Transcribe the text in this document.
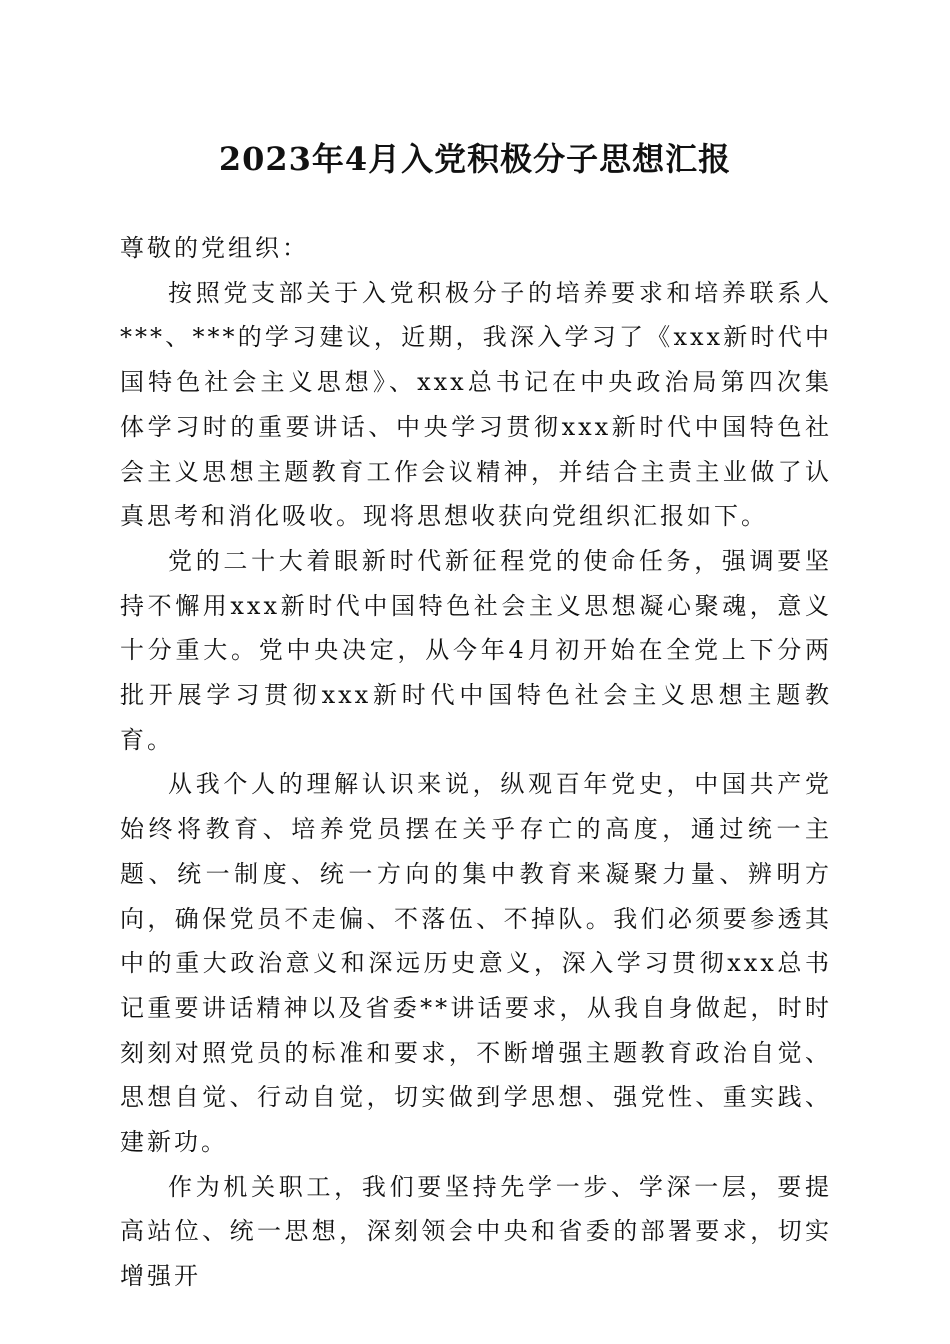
2023年4月入党积极分子思想汇报

尊敬的党组织：

按照党支部关于入党积极分子的培养要求和培养联系人***、***的学习建议，近期，我深入学习了《xxx新时代中国特色社会主义思想》、xxx总书记在中央政治局第四次集体学习时的重要讲话、中央学习贯彻xxx新时代中国特色社会主义思想主题教育工作会议精神，并结合主责主业做了认真思考和消化吸收。现将思想收获向党组织汇报如下。

党的二十大着眼新时代新征程党的使命任务，强调要坚持不懈用xxx新时代中国特色社会主义思想凝心聚魂，意义十分重大。党中央决定，从今年4月初开始在全党上下分两批开展学习贯彻xxx新时代中国特色社会主义思想主题教育。

从我个人的理解认识来说，纵观百年党史，中国共产党始终将教育、培养党员摆在关乎存亡的高度，通过统一主题、统一制度、统一方向的集中教育来凝聚力量、辨明方向，确保党员不走偏、不落伍、不掉队。我们必须要参透其中的重大政治意义和深远历史意义，深入学习贯彻xxx总书记重要讲话精神以及省委**讲话要求，从我自身做起，时时刻刻对照党员的标准和要求，不断增强主题教育政治自觉、思想自觉、行动自觉，切实做到学思想、强党性、重实践、建新功。

作为机关职工，我们要坚持先学一步、学深一层，要提高站位、统一思想，深刻领会中央和省委的部署要求，切实增强开
